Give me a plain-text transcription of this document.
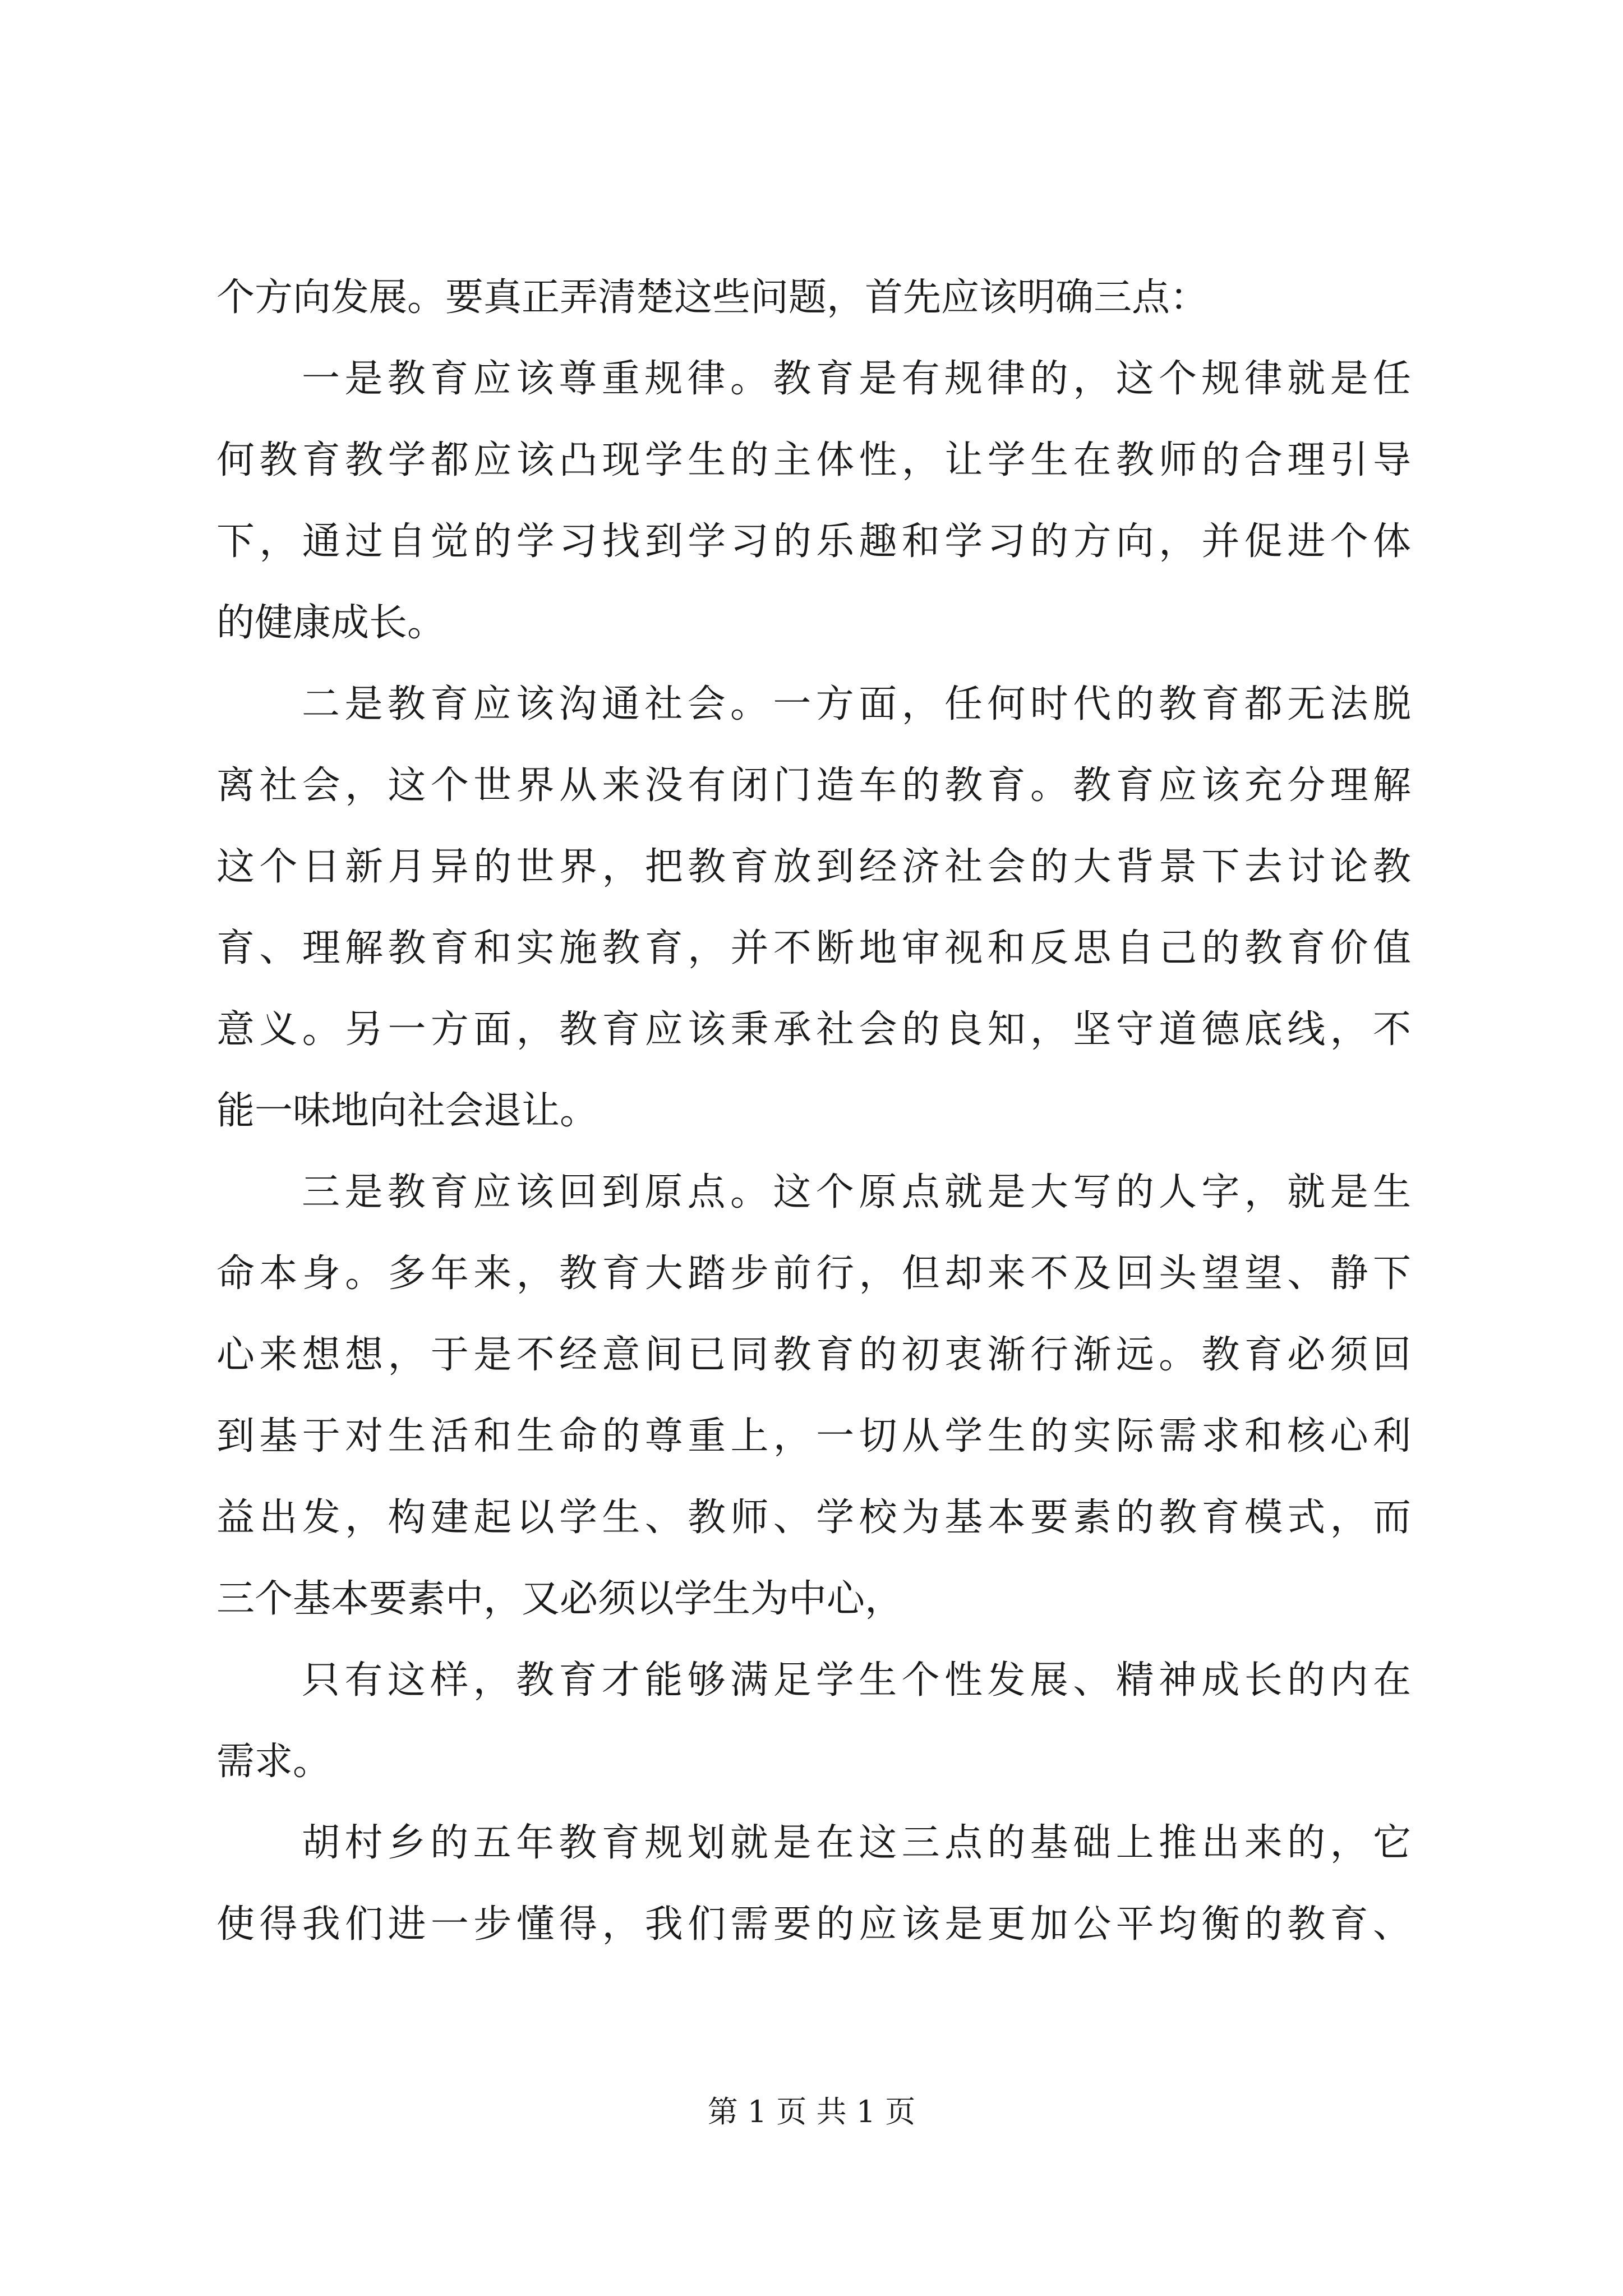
个方向发展。要真正弄清楚这些问题，首先应该明确三点：
一是教育应该尊重规律。教育是有规律的，这个规律就是任
何教育教学都应该凸现学生的主体性，让学生在教师的合理引导
下，通过自觉的学习找到学习的乐趣和学习的方向，并促进个体
的健康成长。
二是教育应该沟通社会。一方面，任何时代的教育都无法脱
离社会，这个世界从来没有闭门造车的教育。教育应该充分理解
这个日新月异的世界，把教育放到经济社会的大背景下去讨论教
育、理解教育和实施教育，并不断地审视和反思自己的教育价值
意义。另一方面，教育应该秉承社会的良知，坚守道德底线，不
能一味地向社会退让。
三是教育应该回到原点。这个原点就是大写的人字，就是生
命本身。多年来，教育大踏步前行，但却来不及回头望望、静下
心来想想，于是不经意间已同教育的初衷渐行渐远。教育必须回
到基于对生活和生命的尊重上，一切从学生的实际需求和核心利
益出发，构建起以学生、教师、学校为基本要素的教育模式，而
三个基本要素中，又必须以学生为中心，
只有这样，教育才能够满足学生个性发展、精神成长的内在
需求。
胡村乡的五年教育规划就是在这三点的基础上推出来的，它
使得我们进一步懂得，我们需要的应该是更加公平均衡的教育、
第 1 页 共 1 页
